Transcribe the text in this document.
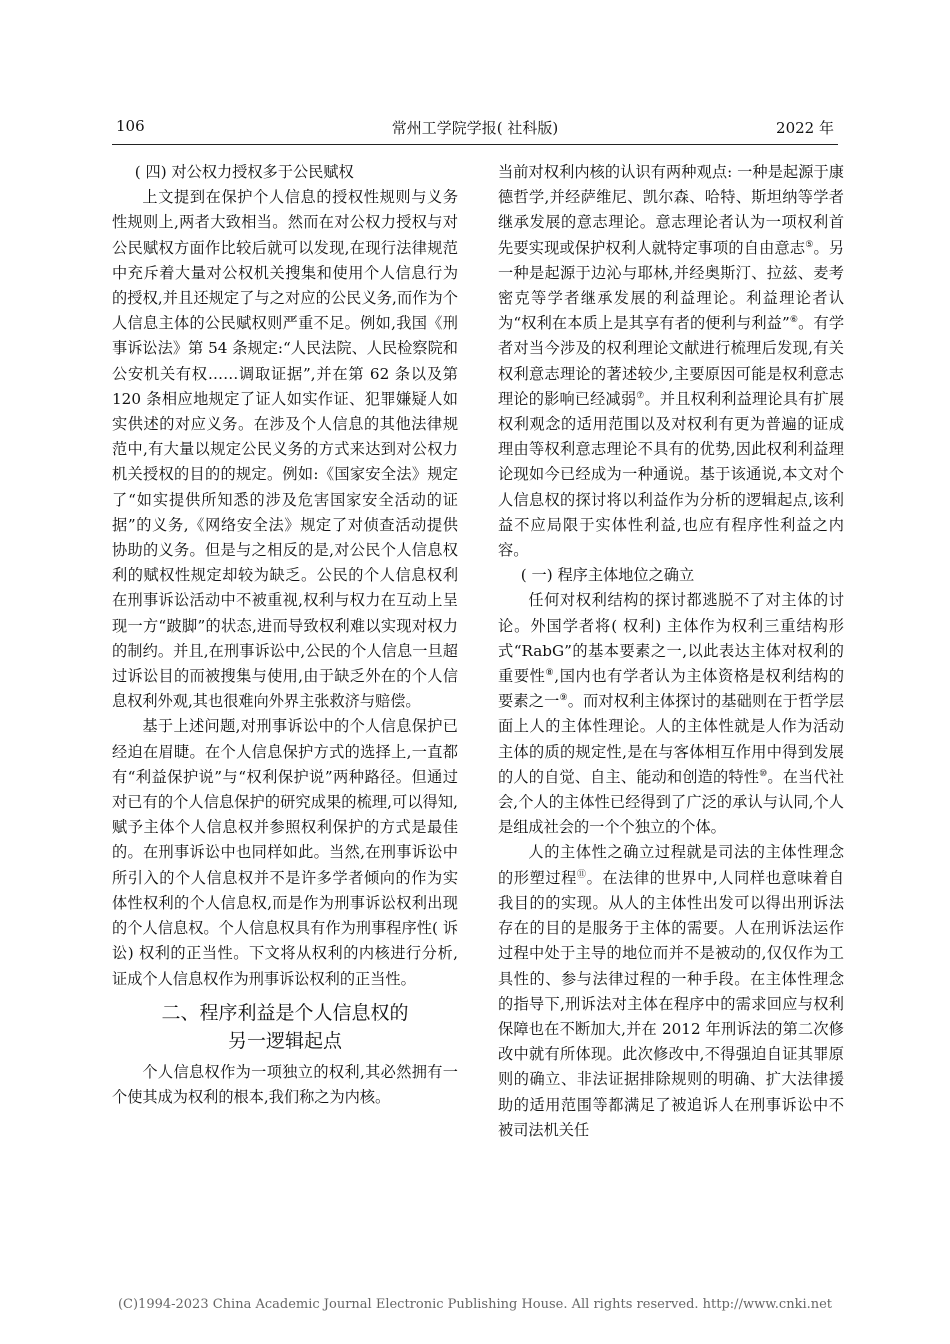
常州工学院学报( 社科版)
106	2022 年

( 四) 对公权力授权多于公民赋权

上文提到在保护个人信息的授权性规则与义务性规则上,两者大致相当。然而在对公权力授权与对公民赋权方面作比较后就可以发现,在现行法律规范中充斥着大量对公权机关搜集和使用个人信息行为的授权,并且还规定了与之对应的公民义务,而作为个人信息主体的公民赋权则严重不足。例如,我国《刑事诉讼法》第 54 条规定:“人民法院、人民检察院和公安机关有权……调取证据”,并在第 62 条以及第 120 条相应地规定了证人如实作证、犯罪嫌疑人如实供述的对应义务。在涉及个人信息的其他法律规范中,有大量以规定公民义务的方式来达到对公权力机关授权的目的的规定。例如:《国家安全法》规定了“如实提供所知悉的涉及危害国家安全活动的证据”的义务,《网络安全法》规定了对侦查活动提供协助的义务。但是与之相反的是,对公民个人信息权利的赋权性规定却较为缺乏。公民的个人信息权利在刑事诉讼活动中不被重视,权利与权力在互动上呈现一方“跛脚”的状态,进而导致权利难以实现对权力的制约。并且,在刑事诉讼中,公民的个人信息一旦超过诉讼目的而被搜集与使用,由于缺乏外在的个人信息权利外观,其也很难向外界主张救济与赔偿。

基于上述问题,对刑事诉讼中的个人信息保护已经迫在眉睫。在个人信息保护方式的选择上,一直都有“利益保护说”与“权利保护说”两种路径。但通过对已有的个人信息保护的研究成果的梳理,可以得知,赋予主体个人信息权并参照权利保护的方式是最佳的。在刑事诉讼中也同样如此。当然,在刑事诉讼中所引入的个人信息权并不是许多学者倾向的作为实体性权利的个人信息权,而是作为刑事诉讼权利出现的个人信息权。个人信息权具有作为刑事程序性( 诉讼) 权利的正当性。下文将从权利的内核进行分析,证成个人信息权作为刑事诉讼权利的正当性。

二、程序利益是个人信息权的
另一逻辑起点

个人信息权作为一项独立的权利,其必然拥有一个使其成为权利的根本,我们称之为内核。

当前对权利内核的认识有两种观点: 一种是起源于康德哲学,并经萨维尼、凯尔森、哈特、斯坦纳等学者继承发展的意志理论。意志理论者认为一项权利首先要实现或保护权利人就特定事项的自由意志⑤。另一种是起源于边沁与耶林,并经奥斯汀、拉兹、麦考密克等学者继承发展的利益理论。利益理论者认为“权利在本质上是其享有者的便利与利益”⑥。有学者对当今涉及的权利理论文献进行梳理后发现,有关权利意志理论的著述较少,主要原因可能是权利意志理论的影响已经减弱⑦。并且权利利益理论具有扩展权利观念的适用范围以及对权利有更为普遍的证成理由等权利意志理论不具有的优势,因此权利利益理论现如今已经成为一种通说。基于该通说,本文对个人信息权的探讨将以利益作为分析的逻辑起点,该利益不应局限于实体性利益,也应有程序性利益之内容。

( 一) 程序主体地位之确立

任何对权利结构的探讨都逃脱不了对主体的讨论。外国学者将( 权利) 主体作为权利三重结构形式“RabG”的基本要素之一,以此表达主体对权利的重要性⑧,国内也有学者认为主体资格是权利结构的要素之一⑨。而对权利主体探讨的基础则在于哲学层面上人的主体性理论。人的主体性就是人作为活动主体的质的规定性,是在与客体相互作用中得到发展的人的自觉、自主、能动和创造的特性⑩。在当代社会,个人的主体性已经得到了广泛的承认与认同,个人是组成社会的一个个独立的个体。

人的主体性之确立过程就是司法的主体性理念的形塑过程⑪。在法律的世界中,人同样也意味着自我目的的实现。从人的主体性出发可以得出刑诉法存在的目的是服务于主体的需要。人在刑诉法运作过程中处于主导的地位而并不是被动的,仅仅作为工具性的、参与法律过程的一种手段。在主体性理念的指导下,刑诉法对主体在程序中的需求回应与权利保障也在不断加大,并在 2012 年刑诉法的第二次修改中就有所体现。此次修改中,不得强迫自证其罪原则的确立、非法证据排除规则的明确、扩大法律援助的适用范围等都满足了被追诉人在刑事诉讼中不被司法机关任

(C)1994-2023 China Academic Journal Electronic Publishing House. All rights reserved. http://www.cnki.net
